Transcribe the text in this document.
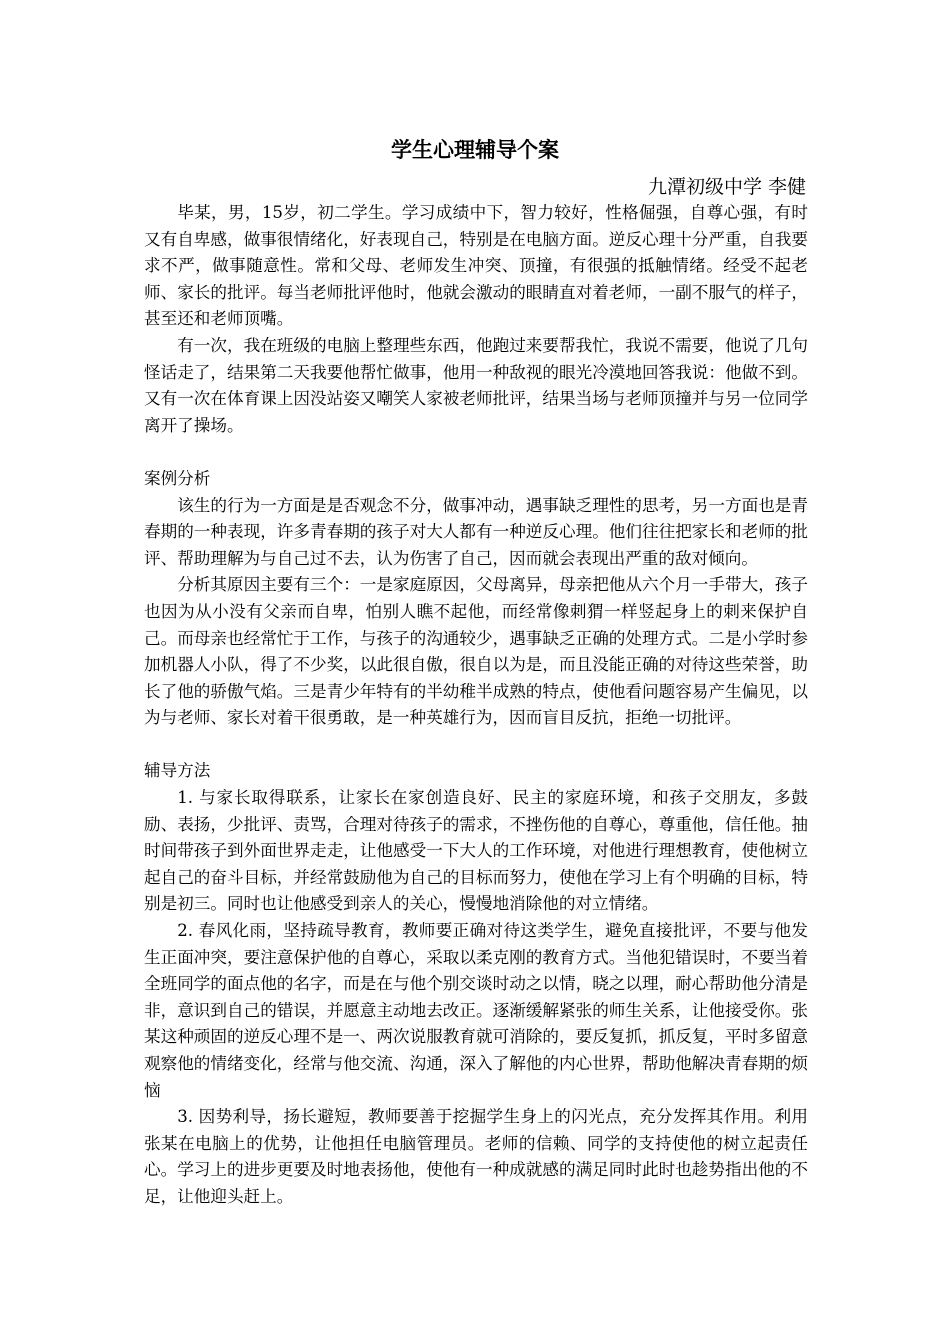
学生心理辅导个案
九潭初级中学 李健

毕某，男，15岁，初二学生。学习成绩中下，智力较好，性格倔强，自尊心强，有时又有自卑感，做事很情绪化，好表现自己，特别是在电脑方面。逆反心理十分严重，自我要求不严，做事随意性。常和父母、老师发生冲突、顶撞，有很强的抵触情绪。经受不起老师、家长的批评。每当老师批评他时，他就会激动的眼睛直对着老师，一副不服气的样子，甚至还和老师顶嘴。

有一次，我在班级的电脑上整理些东西，他跑过来要帮我忙，我说不需要，他说了几句怪话走了，结果第二天我要他帮忙做事，他用一种敌视的眼光冷漠地回答我说：他做不到。又有一次在体育课上因没站姿又嘲笑人家被老师批评，结果当场与老师顶撞并与另一位同学离开了操场。

案例分析

该生的行为一方面是是否观念不分，做事冲动，遇事缺乏理性的思考，另一方面也是青春期的一种表现，许多青春期的孩子对大人都有一种逆反心理。他们往往把家长和老师的批评、帮助理解为与自己过不去，认为伤害了自己，因而就会表现出严重的敌对倾向。

分析其原因主要有三个：一是家庭原因，父母离异，母亲把他从六个月一手带大，孩子也因为从小没有父亲而自卑，怕别人瞧不起他，而经常像刺猬一样竖起身上的刺来保护自己。而母亲也经常忙于工作，与孩子的沟通较少，遇事缺乏正确的处理方式。二是小学时参加机器人小队，得了不少奖，以此很自傲，很自以为是，而且没能正确的对待这些荣誉，助长了他的骄傲气焰。三是青少年特有的半幼稚半成熟的特点，使他看问题容易产生偏见，以为与老师、家长对着干很勇敢，是一种英雄行为，因而盲目反抗，拒绝一切批评。

辅导方法

1. 与家长取得联系，让家长在家创造良好、民主的家庭环境，和孩子交朋友，多鼓励、表扬，少批评、责骂，合理对待孩子的需求，不挫伤他的自尊心，尊重他，信任他。抽时间带孩子到外面世界走走，让他感受一下大人的工作环境，对他进行理想教育，使他树立起自己的奋斗目标，并经常鼓励他为自己的目标而努力，使他在学习上有个明确的目标，特别是初三。同时也让他感受到亲人的关心，慢慢地消除他的对立情绪。

2. 春风化雨，坚持疏导教育，教师要正确对待这类学生，避免直接批评，不要与他发生正面冲突，要注意保护他的自尊心，采取以柔克刚的教育方式。当他犯错误时，不要当着全班同学的面点他的名字，而是在与他个别交谈时动之以情，晓之以理，耐心帮助他分清是非，意识到自己的错误，并愿意主动地去改正。逐渐缓解紧张的师生关系，让他接受你。张某这种顽固的逆反心理不是一、两次说服教育就可消除的，要反复抓，抓反复，平时多留意观察他的情绪变化，经常与他交流、沟通，深入了解他的内心世界，帮助他解决青春期的烦恼

3. 因势利导，扬长避短，教师要善于挖掘学生身上的闪光点，充分发挥其作用。利用张某在电脑上的优势，让他担任电脑管理员。老师的信赖、同学的支持使他的树立起责任心。学习上的进步更要及时地表扬他，使他有一种成就感的满足同时此时也趁势指出他的不足，让他迎头赶上。
